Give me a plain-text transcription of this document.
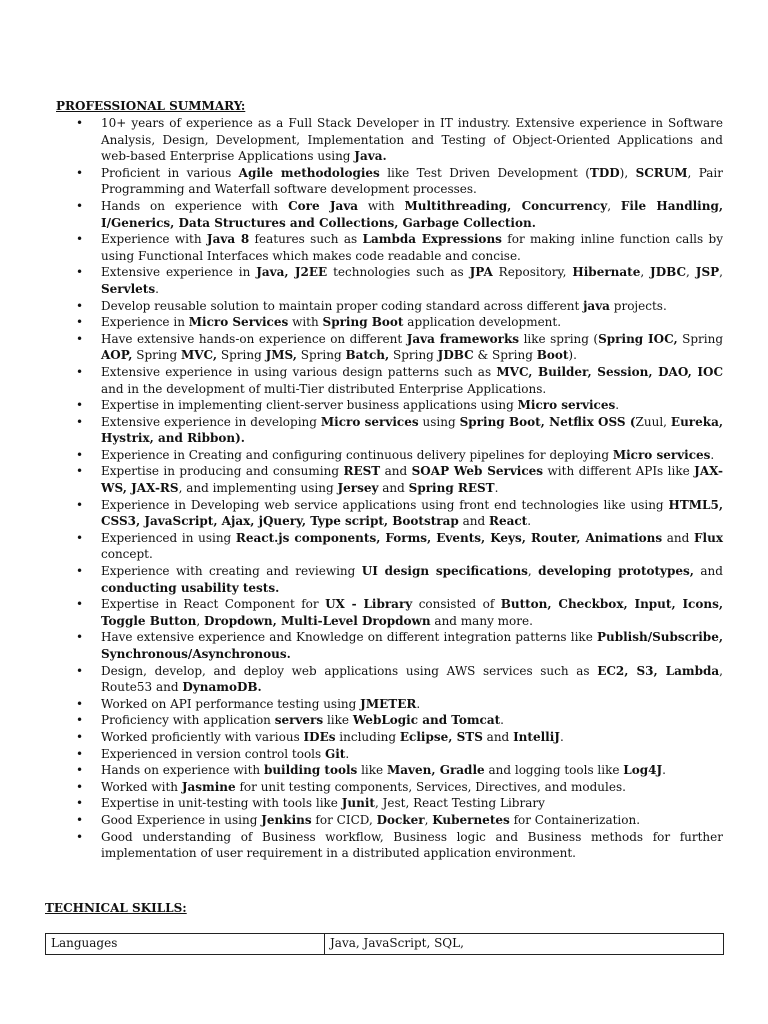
PROFESSIONAL SUMMARY:
• 10+ years of experience as a Full Stack Developer in IT industry. Extensive experience in Software Analysis, Design, Development, Implementation and Testing of Object-Oriented Applications and web-based Enterprise Applications using Java.
• Proficient in various Agile methodologies like Test Driven Development (TDD), SCRUM, Pair Programming and Waterfall software development processes.
• Hands on experience with Core Java with Multithreading, Concurrency, File Handling, I/Generics, Data Structures and Collections, Garbage Collection.
• Experience with Java 8 features such as Lambda Expressions for making inline function calls by using Functional Interfaces which makes code readable and concise.
• Extensive experience in Java, J2EE technologies such as JPA Repository, Hibernate, JDBC, JSP, Servlets.
• Develop reusable solution to maintain proper coding standard across different java projects.
• Experience in Micro Services with Spring Boot application development.
• Have extensive hands-on experience on different Java frameworks like spring (Spring IOC, Spring AOP, Spring MVC, Spring JMS, Spring Batch, Spring JDBC & Spring Boot).
• Extensive experience in using various design patterns such as MVC, Builder, Session, DAO, IOC and in the development of multi-Tier distributed Enterprise Applications.
• Expertise in implementing client-server business applications using Micro services.
• Extensive experience in developing Micro services using Spring Boot, Netflix OSS (Zuul, Eureka, Hystrix, and Ribbon).
• Experience in Creating and configuring continuous delivery pipelines for deploying Micro services.
• Expertise in producing and consuming REST and SOAP Web Services with different APIs like JAX-WS, JAX-RS, and implementing using Jersey and Spring REST.
• Experience in Developing web service applications using front end technologies like using HTML5, CSS3, JavaScript, Ajax, jQuery, Type script, Bootstrap and React.
• Experienced in using React.js components, Forms, Events, Keys, Router, Animations and Flux concept.
• Experience with creating and reviewing UI design specifications, developing prototypes, and conducting usability tests.
• Expertise in React Component for UX - Library consisted of Button, Checkbox, Input, Icons, Toggle Button, Dropdown, Multi-Level Dropdown and many more.
• Have extensive experience and Knowledge on different integration patterns like Publish/Subscribe, Synchronous/Asynchronous.
• Design, develop, and deploy web applications using AWS services such as EC2, S3, Lambda, Route53 and DynamoDB.
• Worked on API performance testing using JMETER.
• Proficiency with application servers like WebLogic and Tomcat.
• Worked proficiently with various IDEs including Eclipse, STS and IntelliJ.
• Experienced in version control tools Git.
• Hands on experience with building tools like Maven, Gradle and logging tools like Log4J.
• Worked with Jasmine for unit testing components, Services, Directives, and modules.
• Expertise in unit-testing with tools like Junit, Jest, React Testing Library
• Good Experience in using Jenkins for CICD, Docker, Kubernetes for Containerization.
• Good understanding of Business workflow, Business logic and Business methods for further implementation of user requirement in a distributed application environment.
TECHNICAL SKILLS:
Languages	Java, JavaScript, SQL,
